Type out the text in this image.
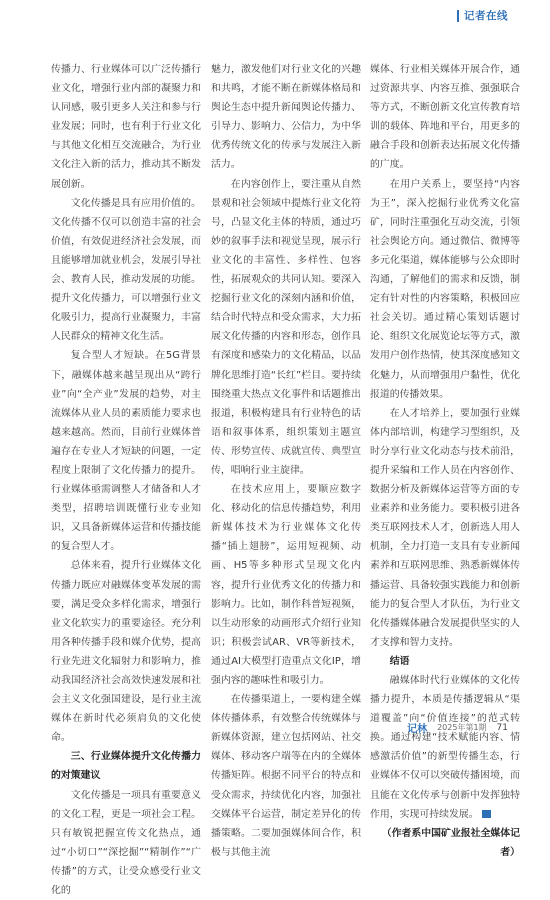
记者在线

传播力、行业媒体可以广泛传播行业文化，增强行业内部的凝聚力和认同感，吸引更多人关注和参与行业发展；同时，也有利于行业文化与其他文化相互交流融合，为行业文化注入新的活力，推动其不断发展创新。

文化传播是具有应用价值的。文化传播不仅可以创造丰富的社会价值，有效促进经济社会发展，而且能够增加就业机会，发展引导社会、教育人民，推动发展的功能。提升文化传播力，可以增强行业文化吸引力，提高行业凝聚力，丰富人民群众的精神文化生活。

复合型人才短缺。在5G背景下，融媒体越来越呈现出从“跨行业”向“全产业”发展的趋势，对主流媒体从业人员的素质能力要求也越来越高。然而，目前行业媒体普遍存在专业人才短缺的问题，一定程度上限制了文化传播力的提升。行业媒体亟需调整人才储备和人才类型，招聘培训既懂行业专业知识，又具备新媒体运营和传播技能的复合型人才。

总体来看，提升行业媒体文化传播力既应对融媒体变革发展的需要，满足受众多样化需求，增强行业文化软实力的重要途径。充分利用各种传播手段和媒介优势，提高行业先进文化辐射力和影响力，推动我国经济社会高效快速发展和社会主义文化强国建设，是行业主流媒体在新时代必须肩负的文化使命。

三、行业媒体提升文化传播力的对策建议

文化传播是一项具有重要意义的文化工程，更是一项社会工程。只有敏锐把握宣传文化热点，通过“小切口”“深挖掘”“精制作”“广传播”的方式，让受众感受行业文化的

魅力，激发他们对行业文化的兴趣和共鸣，才能不断在新媒体格局和舆论生态中提升新闻舆论传播力、引导力、影响力、公信力，为中华优秀传统文化的传承与发展注入新活力。

在内容创作上，要注重从自然景观和社会领域中提炼行业文化符号，凸显文化主体的特质，通过巧妙的叙事手法和视觉呈现，展示行业文化的丰富性、多样性、包容性，拓展观众的共同认知。要深入挖掘行业文化的深刻内涵和价值，结合时代特点和受众需求，大力拓展文化传播的内容和形态，创作具有深度和感染力的文化精品，以品牌化思维打造“长红”栏目。要持续围绕重大热点文化事件和话题推出报道，积极构建具有行业特色的话语和叙事体系，组织策划主题宣传、形势宣传、成就宣传、典型宣传，唱响行业主旋律。

在技术应用上，要顺应数字化、移动化的信息传播趋势，利用新媒体技术为行业媒体文化传播“插上翅膀”，运用短视频、动画、H5等多种形式呈现文化内容，提升行业优秀文化的传播力和影响力。比如，制作科普短视频，以生动形象的动画形式介绍行业知识；积极尝试AR、VR等新技术，通过AI大模型打造重点文化IP，增强内容的趣味性和吸引力。

在传播渠道上，一要构建全媒体传播体系，有效整合传统媒体与新媒体资源，建立包括网站、社交媒体、移动客户端等在内的全媒体传播矩阵。根据不同平台的特点和受众需求，持续优化内容，加强社交媒体平台运营，制定差异化的传播策略。二要加强媒体间合作，积极与其他主流

媒体、行业相关媒体开展合作，通过资源共享、内容互推、强强联合等方式，不断创新文化宣传教育培训的载体、阵地和平台，用更多的融合手段和创新表达拓展文化传播的广度。

在用户关系上，要坚持“内容为王”，深入挖掘行业优秀文化富矿，同时注重强化互动交流，引领社会舆论方向。通过微信、微博等多元化渠道，媒体能够与公众即时沟通，了解他们的需求和反馈，制定有针对性的内容策略，积极回应社会关切。通过精心策划话题讨论、组织文化展览论坛等方式，激发用户创作热情，使其深度感知文化魅力，从而增强用户黏性，优化报道的传播效果。

在人才培养上，要加强行业媒体内部培训，构建学习型组织，及时分享行业文化动态与技术前沿，提升采编和工作人员在内容创作、数据分析及新媒体运营等方面的专业素养和业务能力。要积极引进各类互联网技术人才，创新选人用人机制，全力打造一支具有专业新闻素养和互联网思维、熟悉新媒体传播运营、具备较强实践能力和创新能力的复合型人才队伍，为行业文化传播媒体融合发展提供坚实的人才支撑和智力支持。

结语

融媒体时代行业媒体的文化传播力提升，本质是传播逻辑从“渠道覆盖”向“价值连接”的范式转换。通过构建“技术赋能内容、情感激活价值”的新型传播生态，行业媒体不仅可以突破传播困境，而且能在文化传承与创新中发挥独特作用，实现可持续发展。

（作者系中国矿业报社全媒体记者）

记林 2025年第1期 71
